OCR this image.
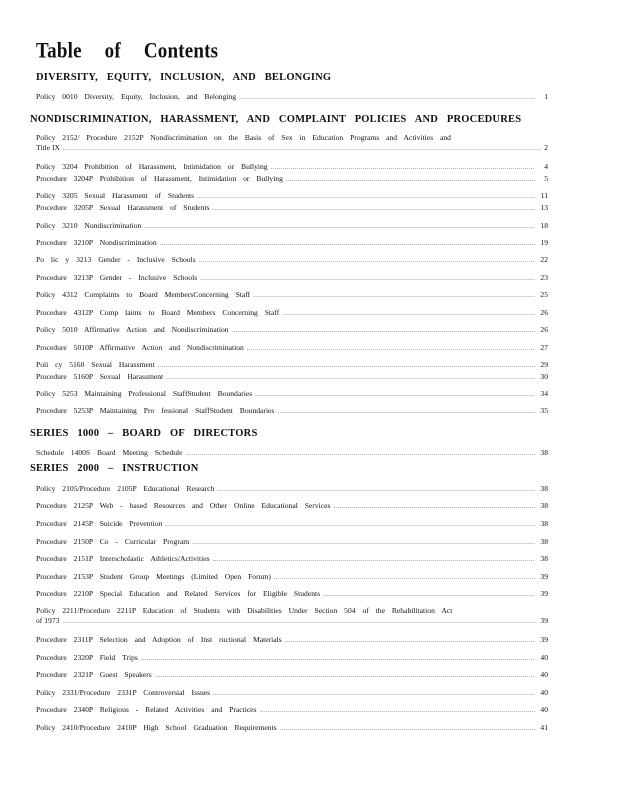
Table of Contents
DIVERSITY, EQUITY, INCLUSION, AND BELONGING
Policy 0010 Diversity, Equity, Inclusion, and Belonging .....	1
NONDISCRIMINATION, HARASSMENT, AND COMPLAINT POLICIES AND PROCEDURES
Policy 2152/ Procedure 2152P Nondiscrimination on the Basis of Sex in Education Programs and Activities and
Title IX .....	2
Policy 3204 Prohibition of Harassment, Intimidation or Bullying .....	4
Procedure 3204P Prohibition of Harassment, Intimidation or Bullying .....	5
Policy 3205 Sexual Harassment of Students .....	11
Procedure 3205P Sexual Harassment of Students .....	13
Policy 3210 Nondiscrimination .....	18
Procedure 3210P Nondiscrimination .....	19
Po lic y 3213 Gender - Inclusive Schools .....	22
Procedure 3213P Gender - Inclusive Schools .....	23
Policy 4312 Complaints to Board MembersConcerning Staff .....	25
Procedure 4312P Comp laints to Board Members Concerning Staff .....	26
Policy 5010 Affirmative Action and Nondiscrimination .....	26
Procedure 5010P Affirmative Action and Nondiscrimination .....	27
Poli cy 5160 Sexual Harassment .....	29
Procedure 5160P Sexual Harassment .....	30
Policy 5253 Maintaining Professional StaffStudent Boundaries .....	34
Procedure 5253P Maintaining Pro fessional StaffStudent Boundaries .....	35
SERIES 1000 – BOARD OF DIRECTORS
Schedule 1400S Board Meeting Schedule .....	38
SERIES 2000 – INSTRUCTION
Policy 2105/Procedure 2105P Educational Research .....	38
Procedure 2125P Web - based Resources and Other Online Educational Services .....	38
Procedure 2145P Suicide Prevention .....	38
Procedure 2150P Co - Curricular Program .....	38
Procedure 2151P Interscholastic Athletics/Activities .....	38
Procedure 2153P Student Group Meetings (Limited Open Forum) .....	39
Procedure 2210P Special Education and Related Services for Eligible Students .....	39
Policy 2211/Procedure 2211P Education of Students with Disabilities Under Section 504 of the Rehabilitation Act
of 1973 .....	39
Procedure 2311P Selection and Adoption of Inst ructional Materials .....	39
Procedure 2320P Field Trips .....	40
Procedure 2321P Guest Speakers .....	40
Policy 2331/Procedure 2331P Controversial Issues .....	40
Procedure 2340P Religious - Related Activities and Practices .....	40
Policy 2410/Procedure 2410P High School Graduation Requirements .....	41
